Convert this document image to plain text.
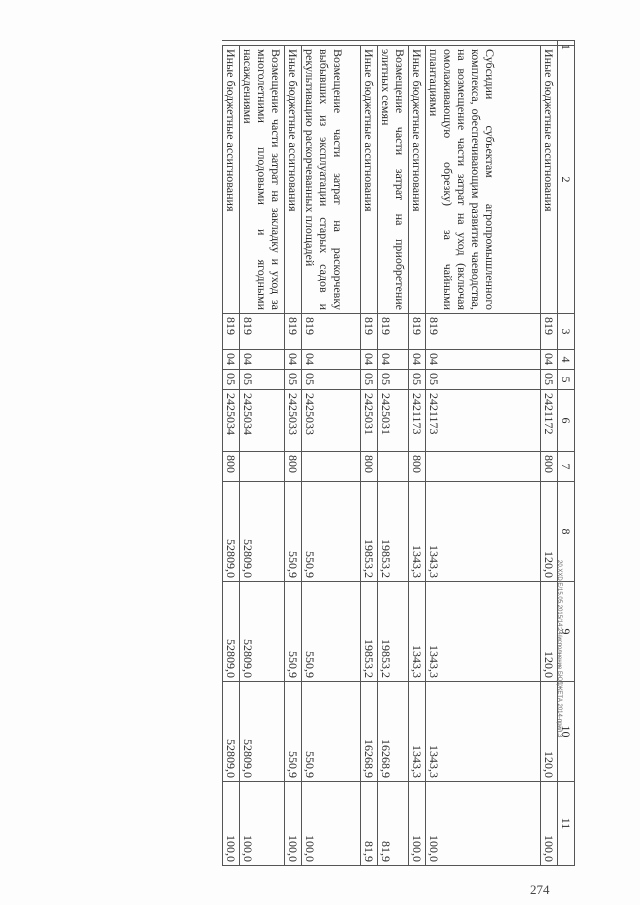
1	2	3	4	5	6	7	8	9	10	11
	Иные бюджетные ассигнования	819	04	05	2421172	800	120,0	120,0	120,0	100,0
	Субсидии субъектам агропромышленного комплекса, обеспечивающим развитие чаеводства, на возмещение части затрат на уход (включая омолаживающую обрезку) за чайными плантациями	819	04	05	2421173		1343,3	1343,3	1343,3	100,0
	Иные бюджетные ассигнования	819	04	05	2421173	800	1343,3	1343,3	1343,3	100,0
	Возмещение части затрат на приобретение элитных семян	819	04	05	2425031		19853,2	19853,2	16268,9	81,9
	Иные бюджетные ассигнования	819	04	05	2425031	800	19853,2	19853,2	16268,9	81,9
	Возмещение части затрат на раскорчевку выбывших из эксплуатации старых садов и рекультивацию раскорчеванных площадей	819	04	05	2425033		550,9	550,9	550,9	100,0
	Иные бюджетные ассигнования	819	04	05	2425033	800	550,9	550,9	550,9	100,0
	Возмещение части затрат на закладку и уход за многолетними плодовыми и ягодными насаждениями	819	04	05	2425034		52809,0	52809,0	52809,0	100,0
	Иные бюджетные ассигнования	819	04	05	2425034	800	52809,0	52809,0	52809,0	100,0
20.XXDIE/15.05.2015/14:24/исполнение БЮДЖЕТА 2014-прил.3
274
